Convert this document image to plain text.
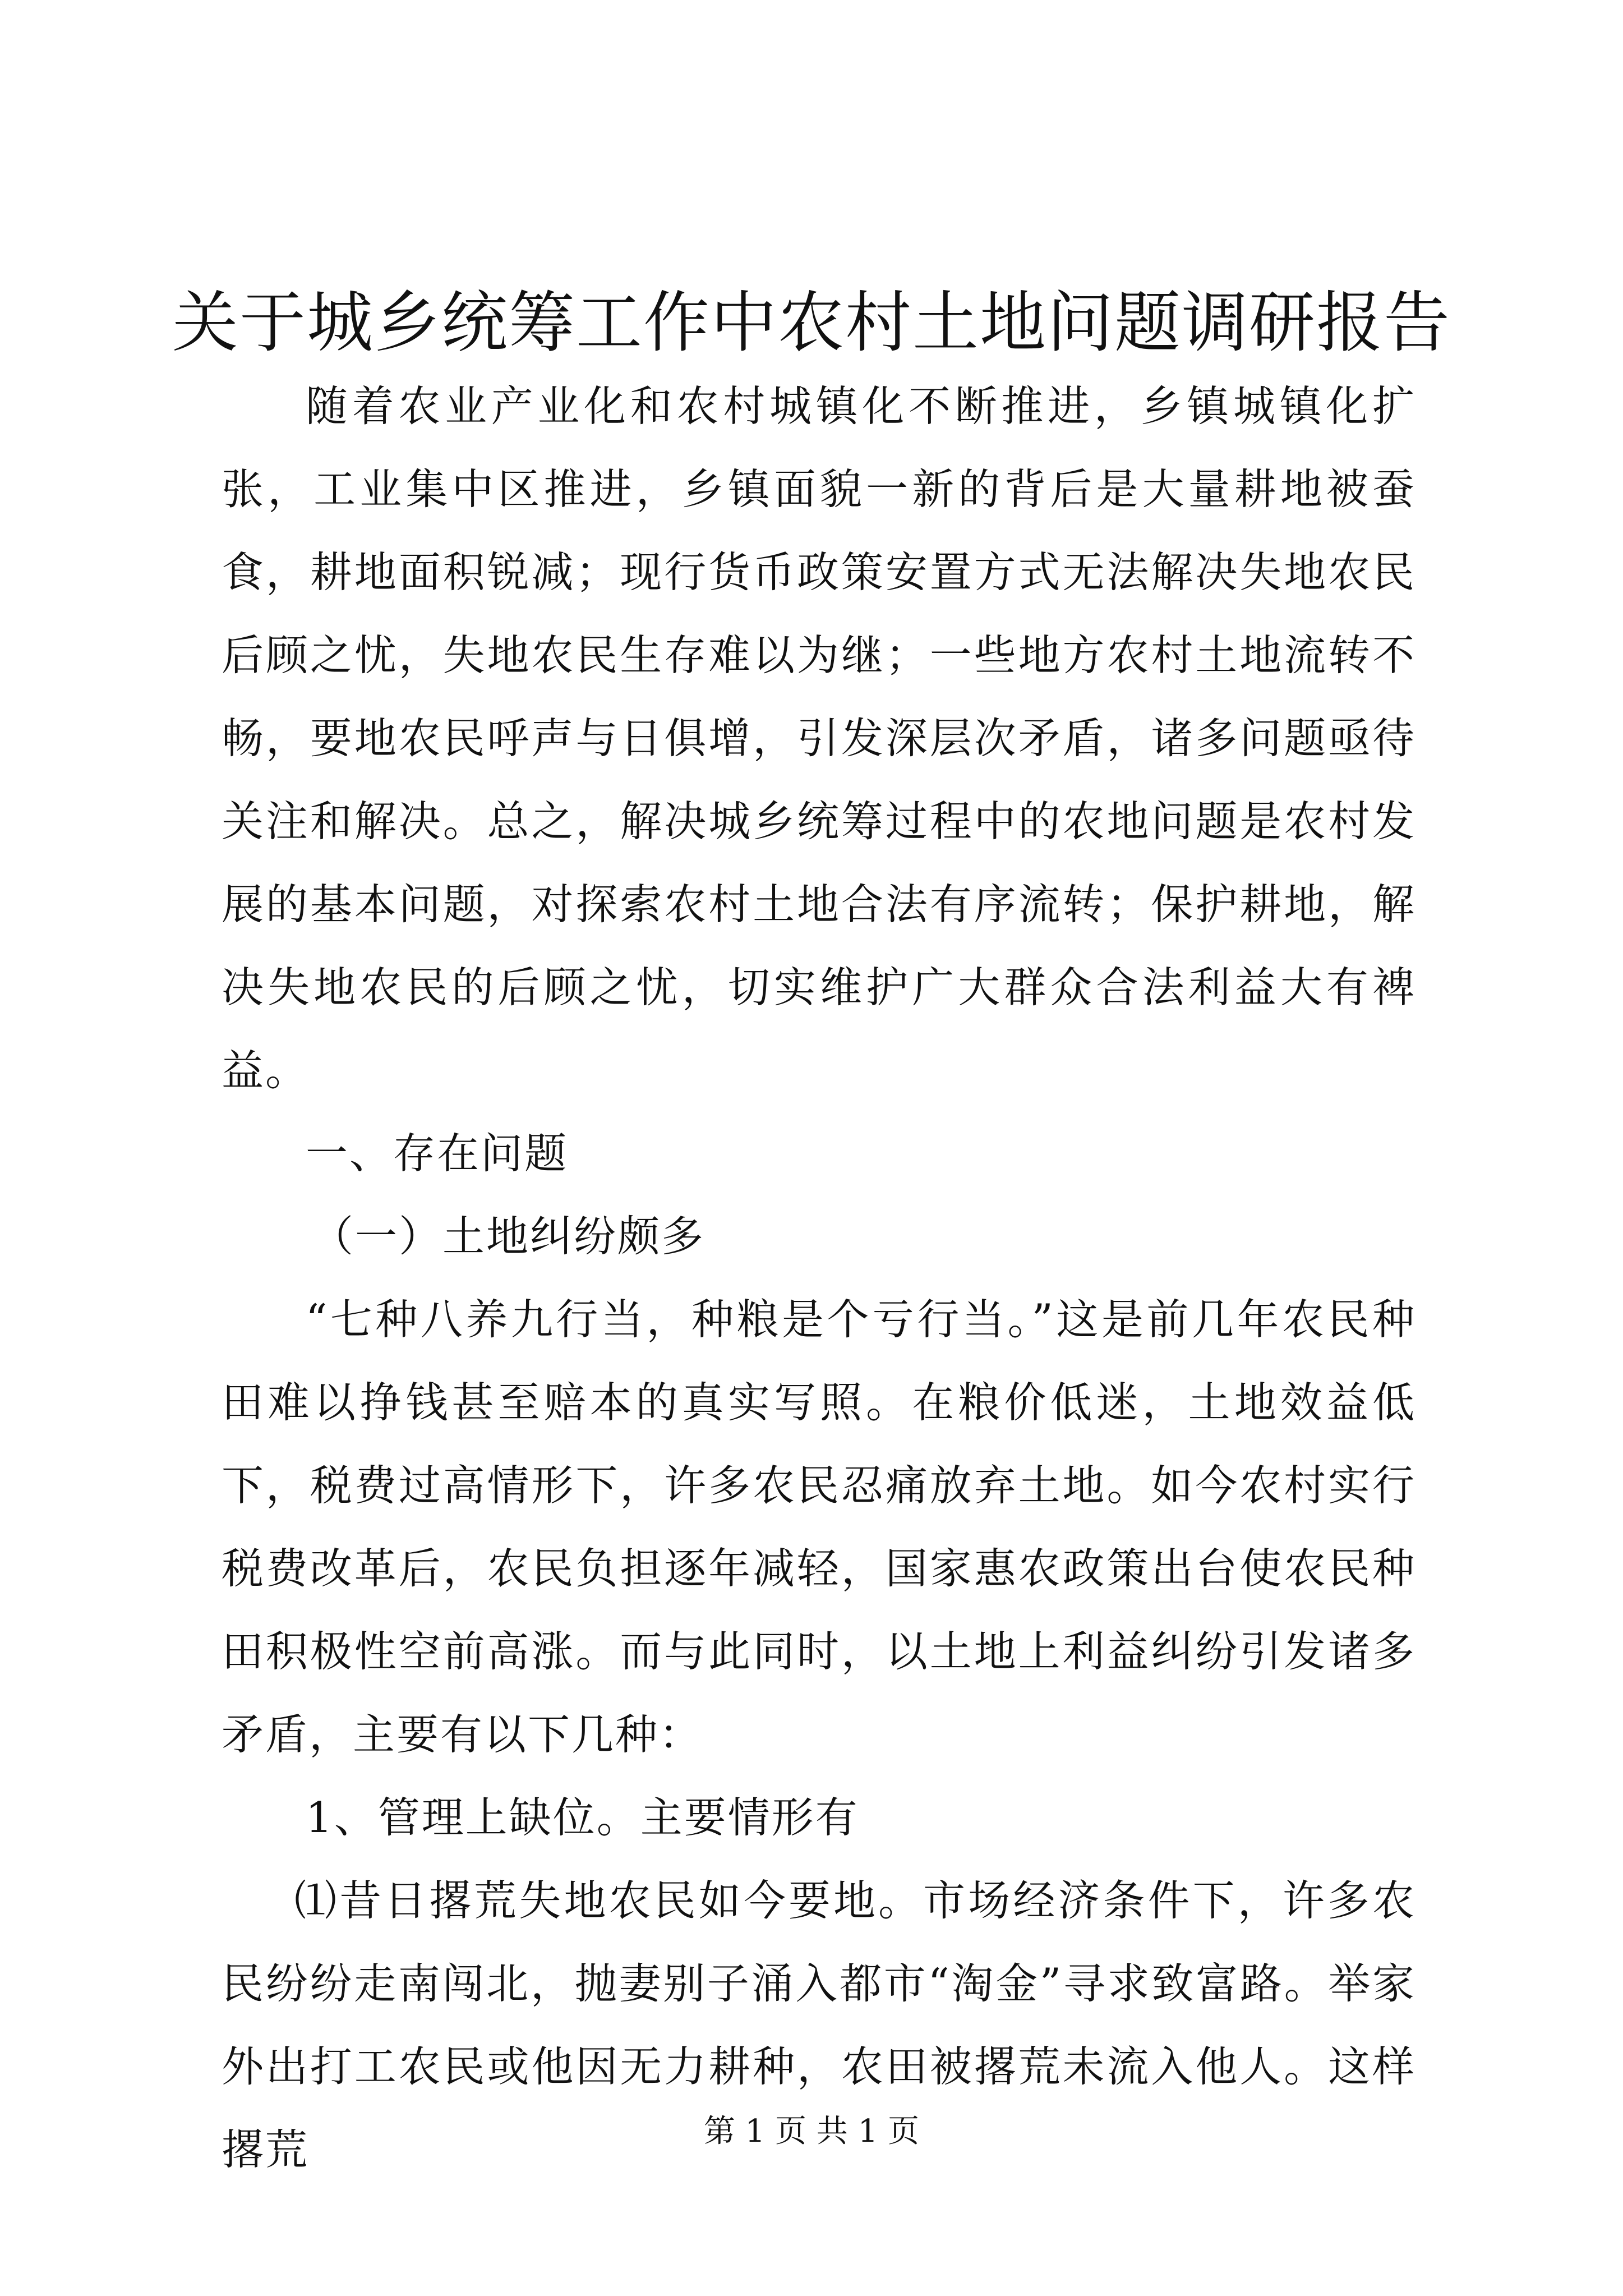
关于城乡统筹工作中农村土地问题调研报告

随着农业产业化和农村城镇化不断推进，乡镇城镇化扩张，工业集中区推进，乡镇面貌一新的背后是大量耕地被蚕食，耕地面积锐减；现行货币政策安置方式无法解决失地农民后顾之忧，失地农民生存难以为继；一些地方农村土地流转不畅，要地农民呼声与日俱增，引发深层次矛盾，诸多问题亟待关注和解决。总之，解决城乡统筹过程中的农地问题是农村发展的基本问题，对探索农村土地合法有序流转；保护耕地，解决失地农民的后顾之忧，切实维护广大群众合法利益大有裨益。

一、存在问题

（一）土地纠纷颇多

“七种八养九行当，种粮是个亏行当。”这是前几年农民种田难以挣钱甚至赔本的真实写照。在粮价低迷，土地效益低下，税费过高情形下，许多农民忍痛放弃土地。如今农村实行税费改革后，农民负担逐年减轻，国家惠农政策出台使农民种田积极性空前高涨。而与此同时，以土地上利益纠纷引发诸多矛盾，主要有以下几种：

1、管理上缺位。主要情形有

⑴昔日撂荒失地农民如今要地。市场经济条件下，许多农民纷纷走南闯北，抛妻别子涌入都市“淘金”寻求致富路。举家外出打工农民或他因无力耕种，农田被撂荒未流入他人。这样撂荒	第 1 页 共 1 页
